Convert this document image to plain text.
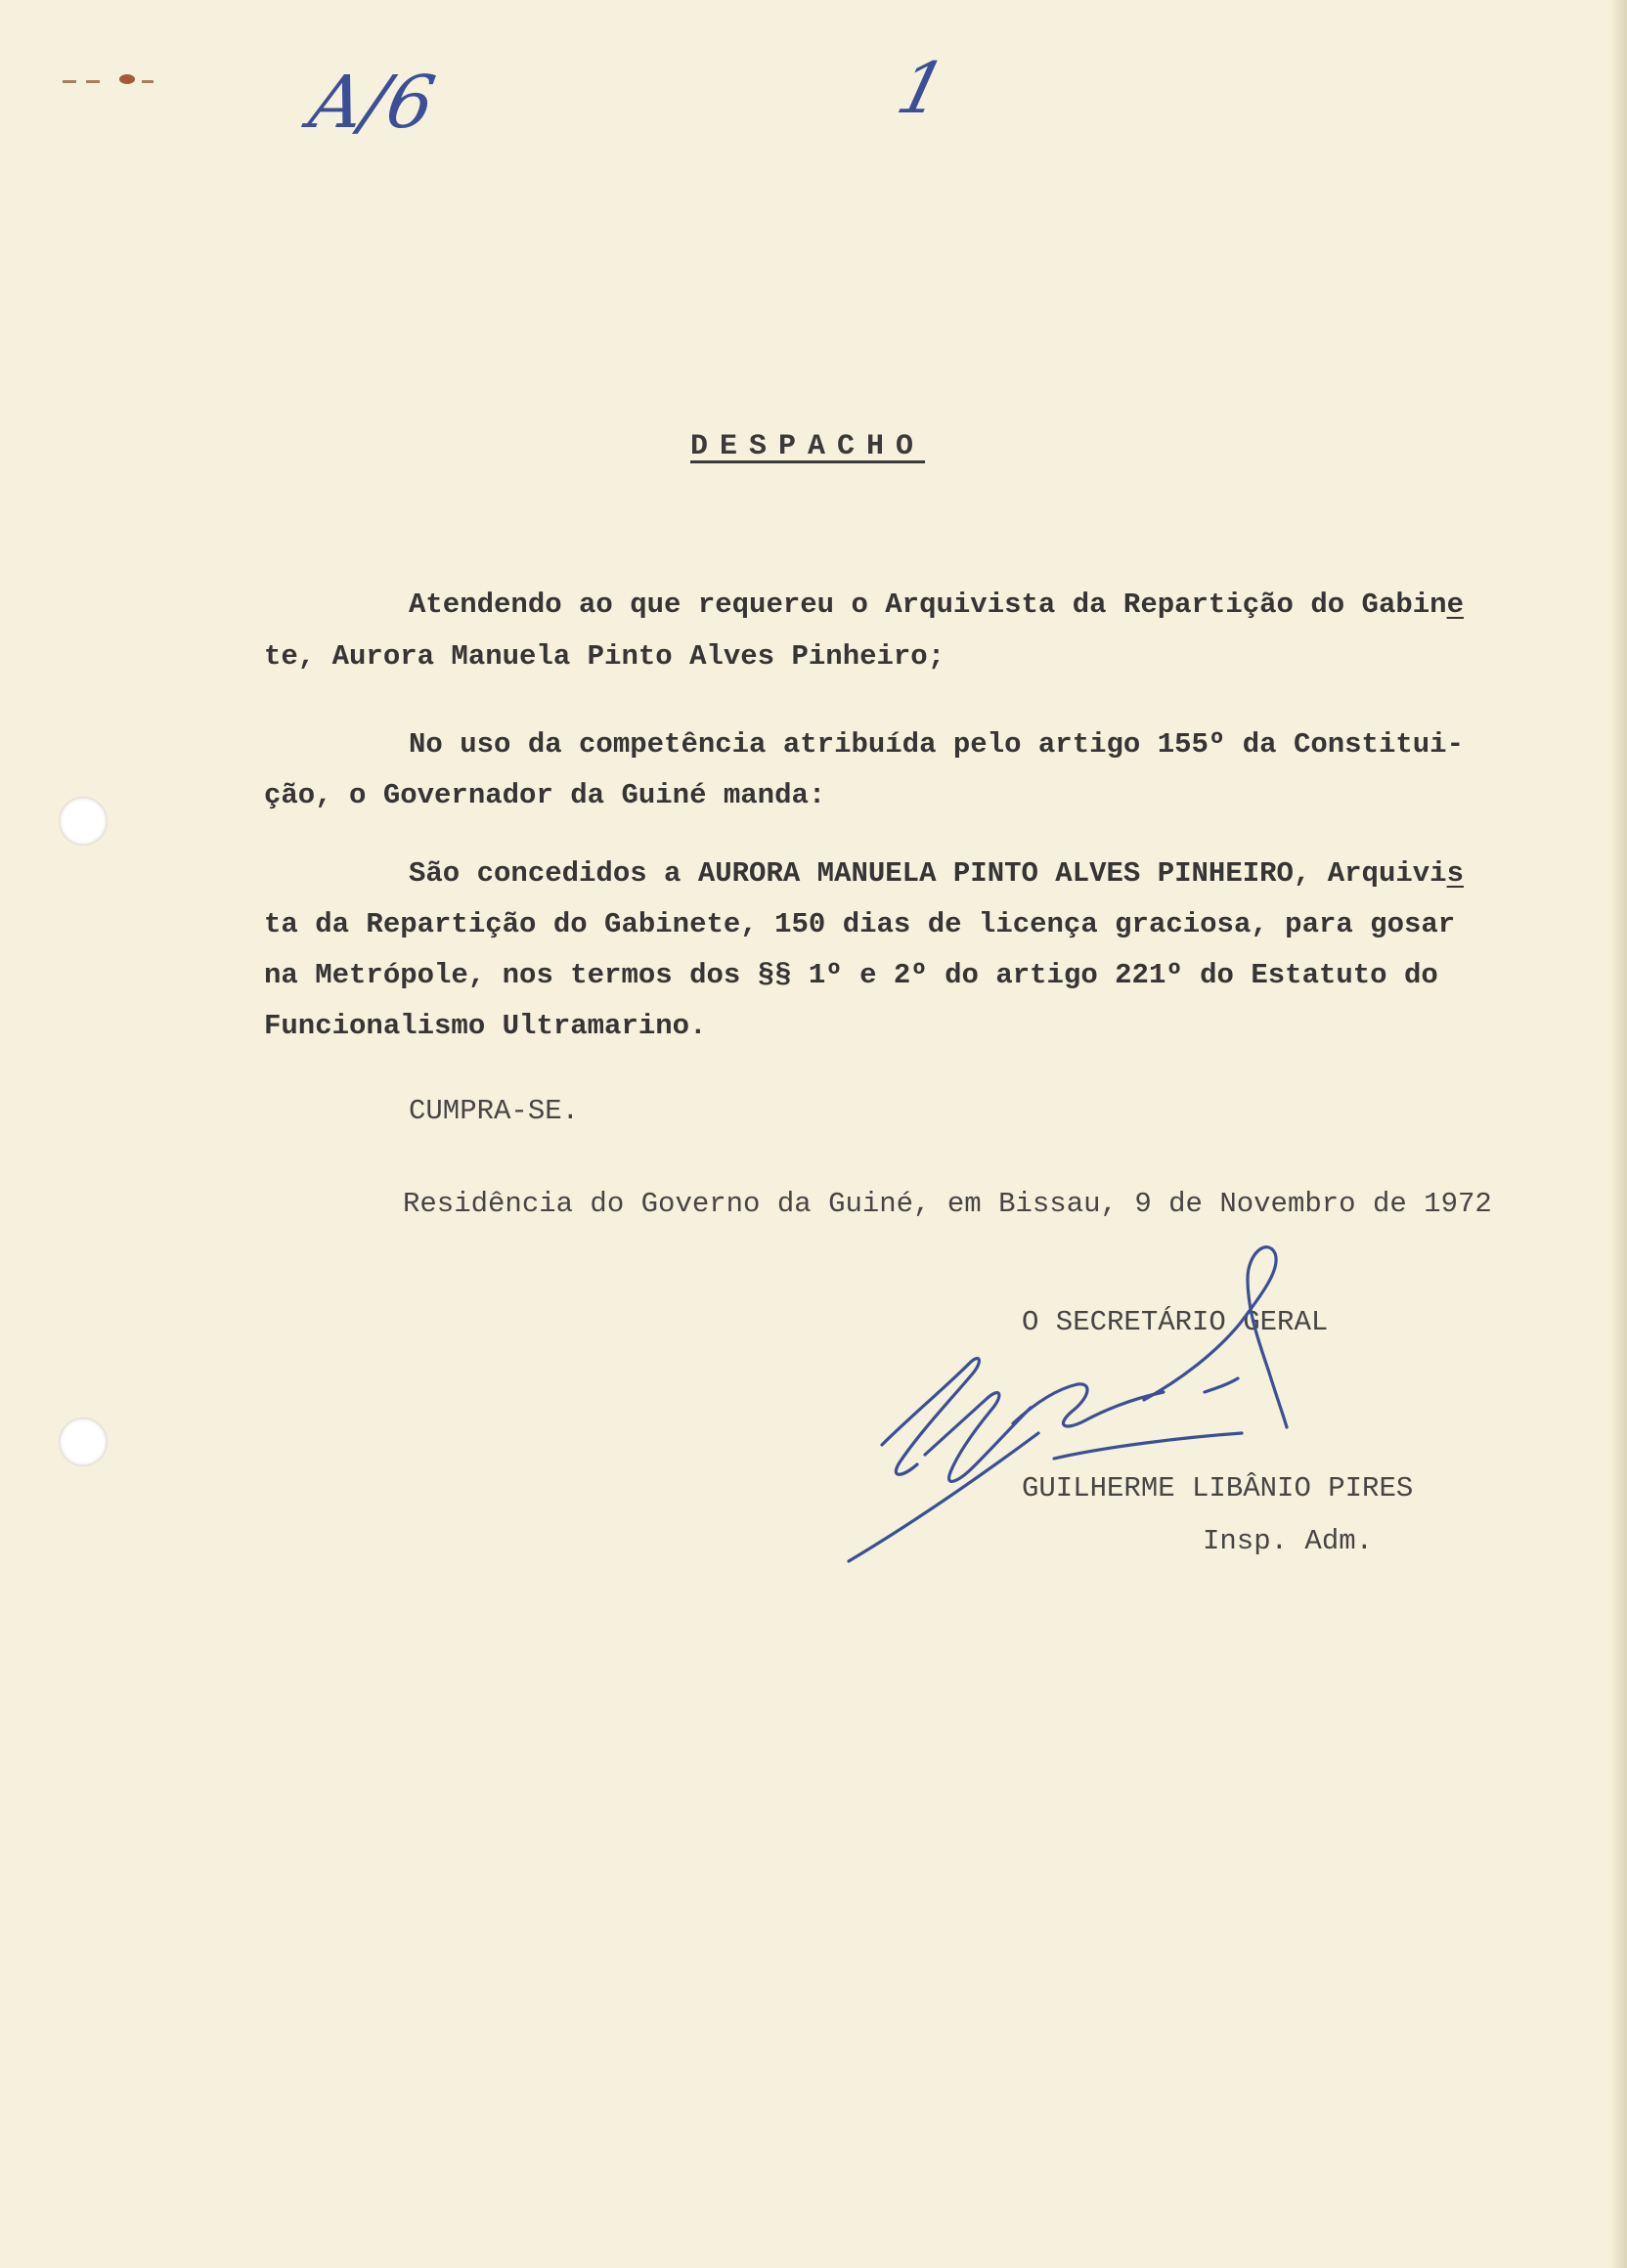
A/6	1
DESPACHO
Atendendo ao que requereu o Arquivista da Repartição do Gabine
te, Aurora Manuela Pinto Alves Pinheiro;
No uso da competência atribuída pelo artigo 155º da Constitui-
ção, o Governador da Guiné manda:
São concedidos a AURORA MANUELA PINTO ALVES PINHEIRO, Arquivis
ta da Repartição do Gabinete, 150 dias de licença graciosa, para gosar
na Metrópole, nos termos dos §§ 1º e 2º do artigo 221º do Estatuto do
Funcionalismo Ultramarino.
CUMPRA-SE.
Residência do Governo da Guiné, em Bissau, 9 de Novembro de 1972
O SECRETÁRIO GERAL
GUILHERME LIBÂNIO PIRES
Insp. Adm.
